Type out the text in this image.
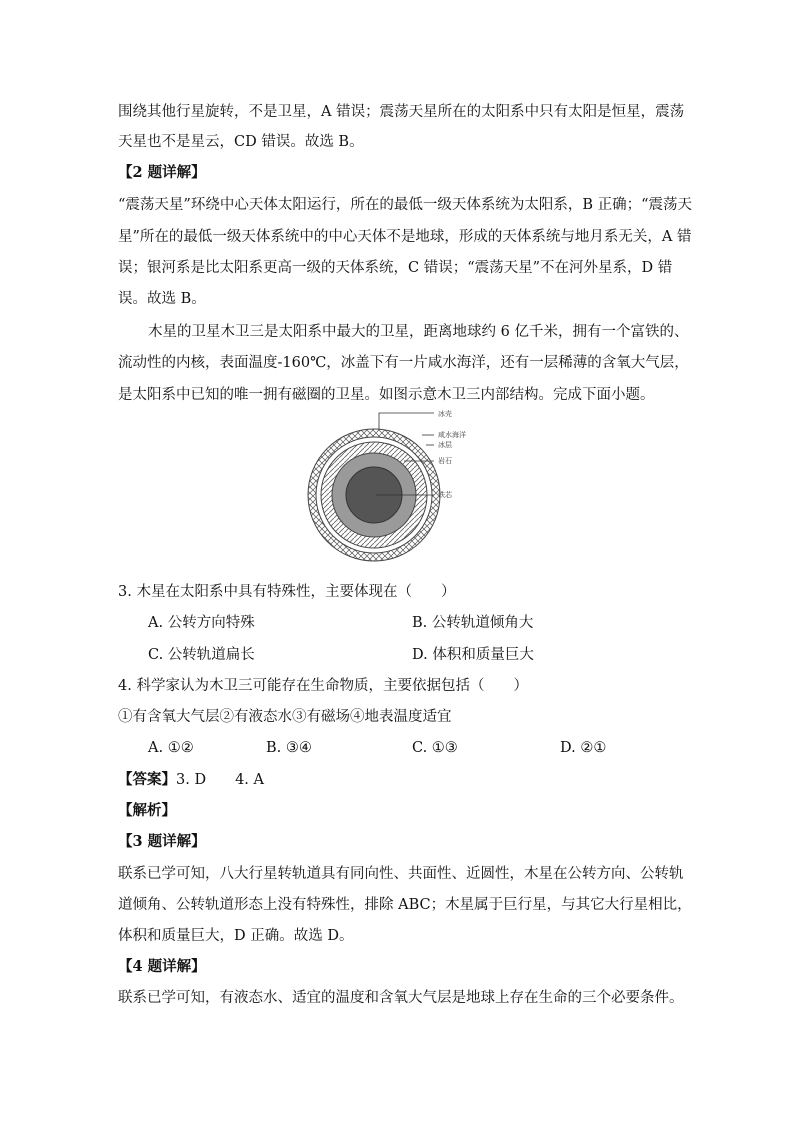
围绕其他行星旋转，不是卫星，A 错误；震荡天星所在的太阳系中只有太阳是恒星，震荡
天星也不是星云，CD 错误。故选 B。
【2 题详解】
“震荡天星”环绕中心天体太阳运行，所在的最低一级天体系统为太阳系，B 正确；“震荡天
星”所在的最低一级天体系统中的中心天体不是地球，形成的天体系统与地月系无关，A 错
误；银河系是比太阳系更高一级的天体系统，C 错误；“震荡天星”不在河外星系，D 错
误。故选 B。
木星的卫星木卫三是太阳系中最大的卫星，距离地球约 6 亿千米，拥有一个富铁的、
流动性的内核，表面温度-160℃，冰盖下有一片咸水海洋，还有一层稀薄的含氧大气层，
是太阳系中已知的唯一拥有磁圈的卫星。如图示意木卫三内部结构。完成下面小题。
冰壳
咸水海洋
冰层
岩石
铁芯
3. 木星在太阳系中具有特殊性，主要体现在（　　）
A. 公转方向特殊	B. 公转轨道倾角大
C. 公转轨道扁长	D. 体积和质量巨大
4. 科学家认为木卫三可能存在生命物质，主要依据包括（　　）
①有含氧大气层②有液态水③有磁场④地表温度适宜
A. ①②	B. ③④	C. ①③	D. ②①
【答案】3. D　　4. A
【解析】
【3 题详解】
联系已学可知，八大行星转轨道具有同向性、共面性、近圆性，木星在公转方向、公转轨
道倾角、公转轨道形态上没有特殊性，排除 ABC；木星属于巨行星，与其它大行星相比，
体积和质量巨大，D 正确。故选 D。
【4 题详解】
联系已学可知，有液态水、适宜的温度和含氧大气层是地球上存在生命的三个必要条件。
